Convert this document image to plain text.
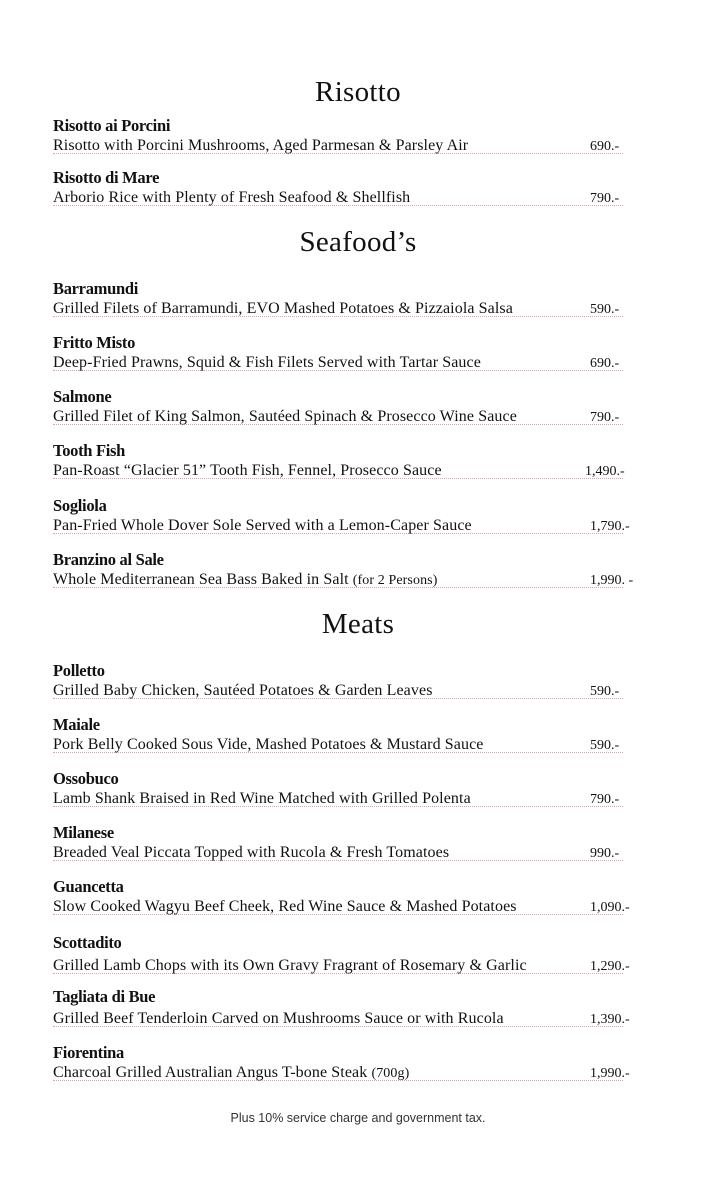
Risotto
Risotto ai Porcini
Risotto with Porcini Mushrooms, Aged Parmesan & Parsley Air	690.-
Risotto di Mare
Arborio Rice with Plenty of Fresh Seafood & Shellfish	790.-
Seafood’s
Barramundi
Grilled Filets of Barramundi, EVO Mashed Potatoes & Pizzaiola Salsa	590.-
Fritto Misto
Deep-Fried Prawns, Squid & Fish Filets Served with Tartar Sauce	690.-
Salmone
Grilled Filet of King Salmon, Sautéed Spinach & Prosecco Wine Sauce	790.-
Tooth Fish
Pan-Roast “Glacier 51” Tooth Fish, Fennel, Prosecco Sauce	1,490.-
Sogliola
Pan-Fried Whole Dover Sole Served with a Lemon-Caper Sauce	1,790.-
Branzino al Sale
Whole Mediterranean Sea Bass Baked in Salt (for 2 Persons)	1,990. -
Meats
Polletto
Grilled Baby Chicken, Sautéed Potatoes & Garden Leaves	590.-
Maiale
Pork Belly Cooked Sous Vide, Mashed Potatoes & Mustard Sauce	590.-
Ossobuco
Lamb Shank Braised in Red Wine Matched with Grilled Polenta	790.-
Milanese
Breaded Veal Piccata Topped with Rucola & Fresh Tomatoes	990.-
Guancetta
Slow Cooked Wagyu Beef Cheek, Red Wine Sauce & Mashed Potatoes	1,090.-
Scottadito
Grilled Lamb Chops with its Own Gravy Fragrant of Rosemary & Garlic	1,290.-
Tagliata di Bue
Grilled Beef Tenderloin Carved on Mushrooms Sauce or with Rucola	1,390.-
Fiorentina
Charcoal Grilled Australian Angus T-bone Steak (700g)	1,990.-
Plus 10% service charge and government tax.
